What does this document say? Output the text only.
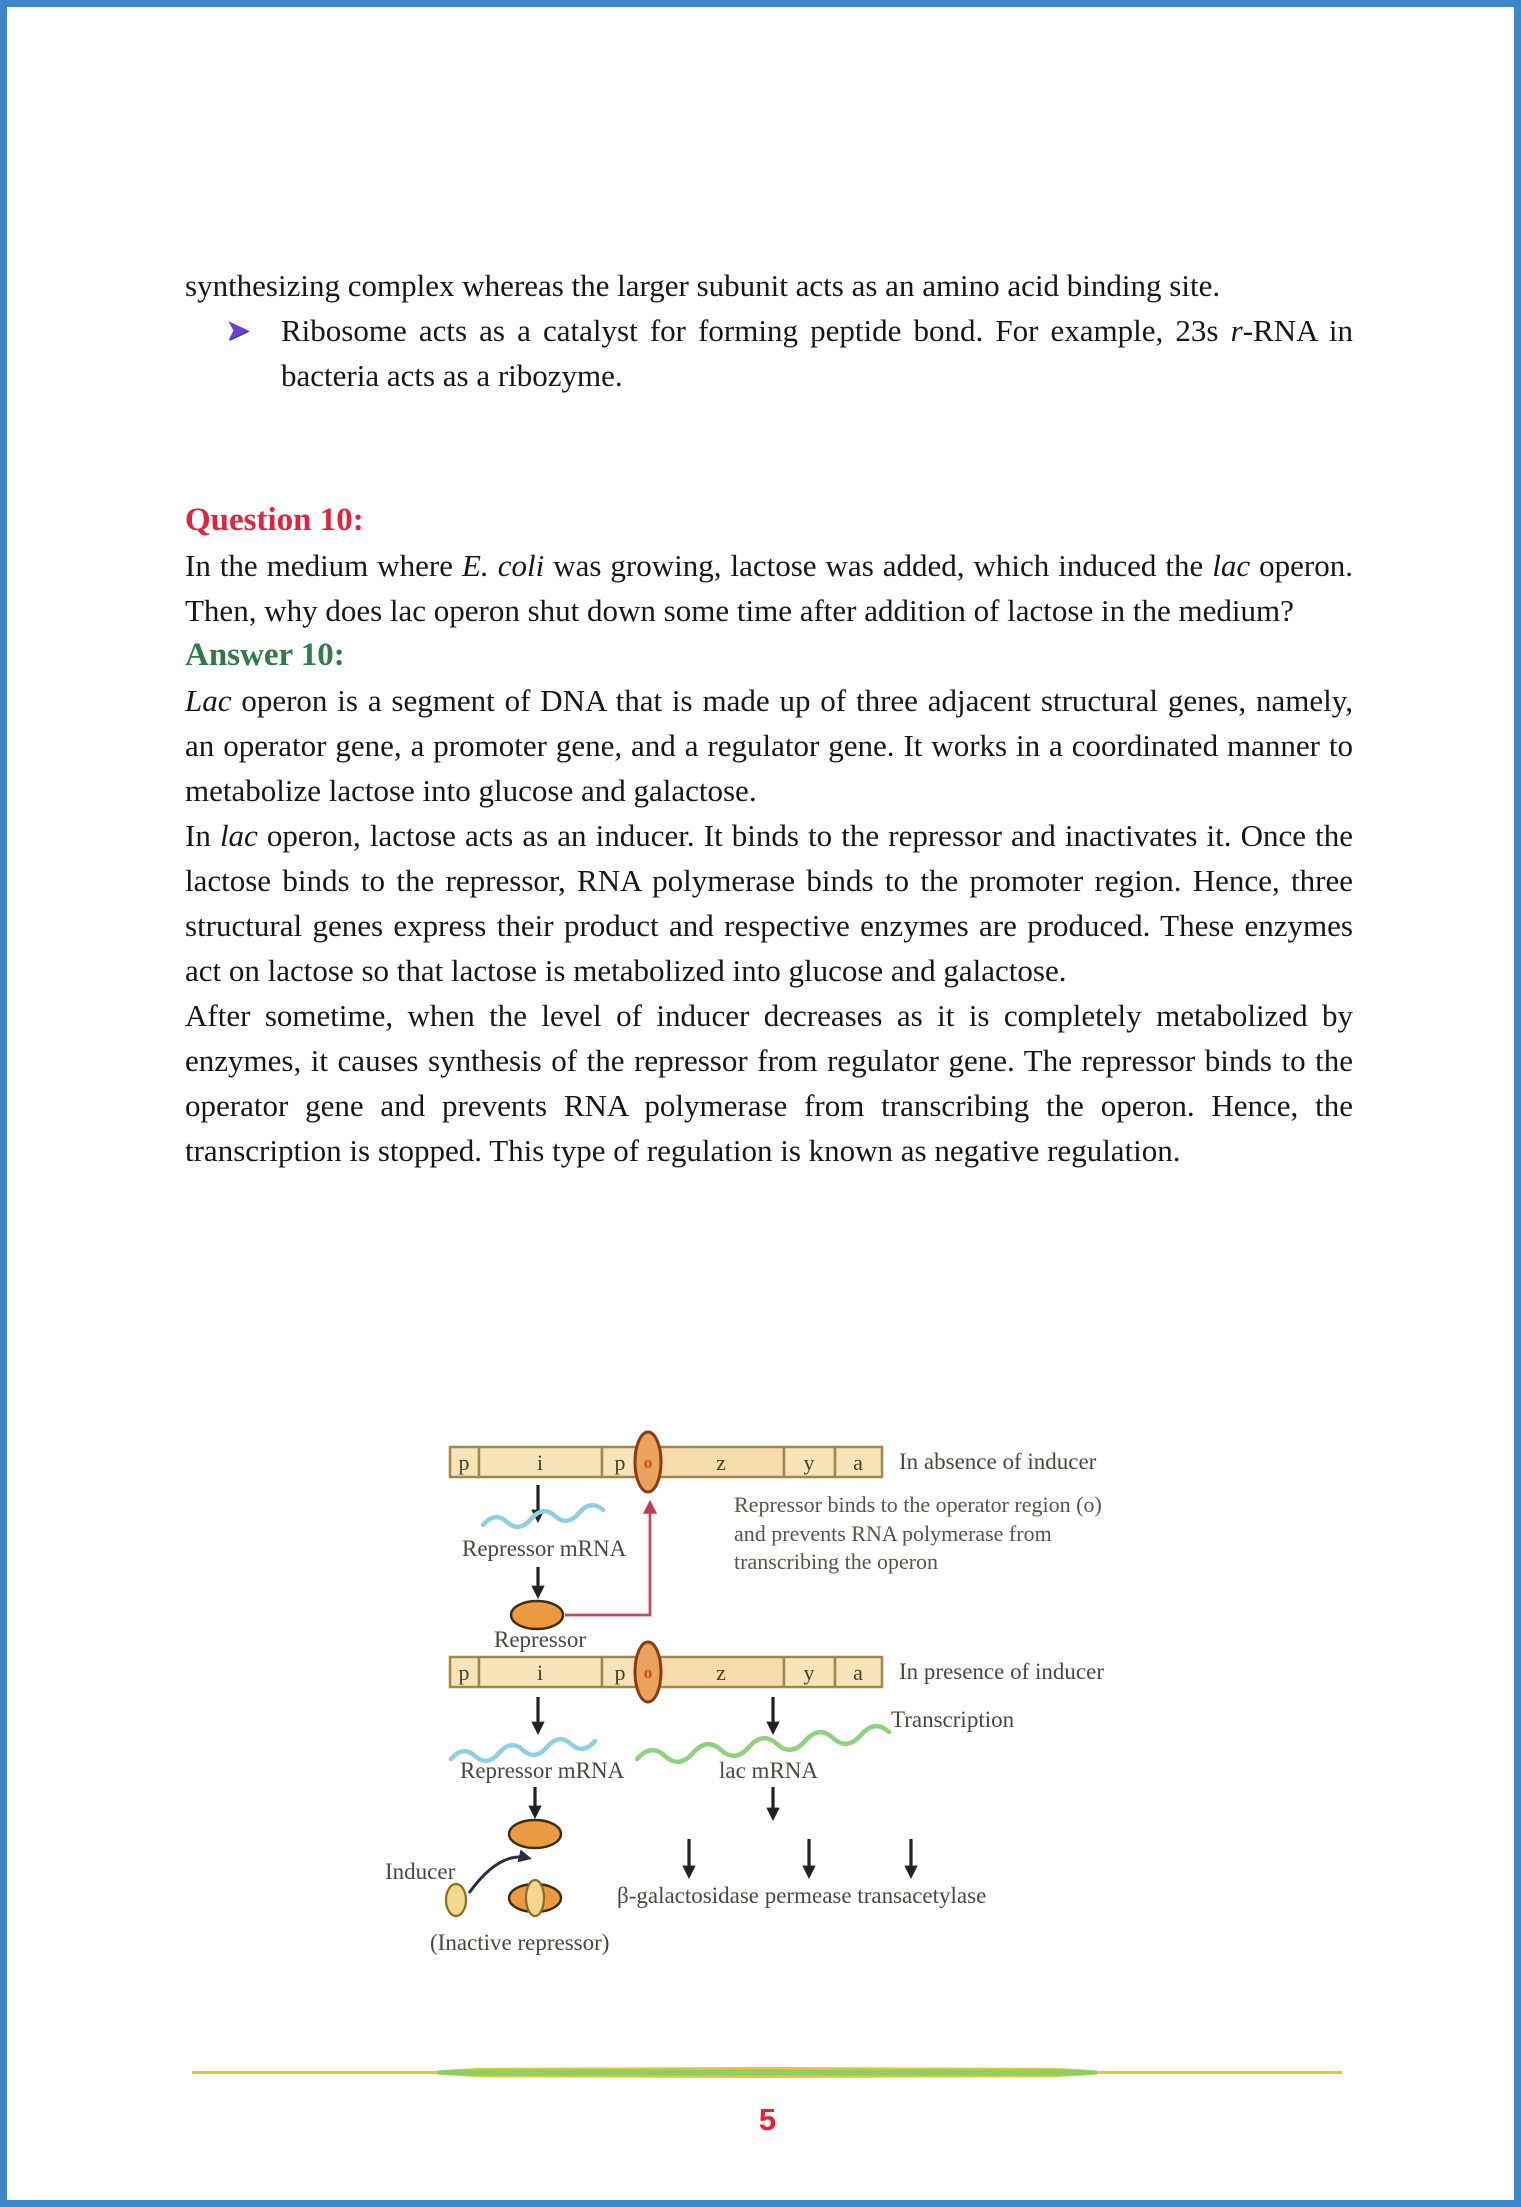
synthesizing complex whereas the larger subunit acts as an amino acid binding site.

➤ Ribosome acts as a catalyst for forming peptide bond. For example, 23s r-RNA in bacteria acts as a ribozyme.
Question 10:

In the medium where E. coli was growing, lactose was added, which induced the lac operon. Then, why does lac operon shut down some time after addition of lactose in the medium?

Answer 10:

Lac operon is a segment of DNA that is made up of three adjacent structural genes, namely, an operator gene, a promoter gene, and a regulator gene. It works in a coordinated manner to metabolize lactose into glucose and galactose.

In lac operon, lactose acts as an inducer. It binds to the repressor and inactivates it. Once the lactose binds to the repressor, RNA polymerase binds to the promoter region. Hence, three structural genes express their product and respective enzymes are produced. These enzymes act on lactose so that lactose is metabolized into glucose and galactose.

After sometime, when the level of inducer decreases as it is completely metabolized by enzymes, it causes synthesis of the repressor from regulator gene. The repressor binds to the operator gene and prevents RNA polymerase from transcribing the operon. Hence, the transcription is stopped. This type of regulation is known as negative regulation.

p	i	p	z	y a
o	In absence of inducer
Repressor mRNA
Repressor
Repressor binds to the operator region (o)
and prevents RNA polymerase from
transcribing the operon
p	i	p	z	y a
o	In presence of inducer
Transcription
Repressor mRNA	lac mRNA
β-galactosidase permease transacetylase
Inducer
(Inactive repressor)
5
